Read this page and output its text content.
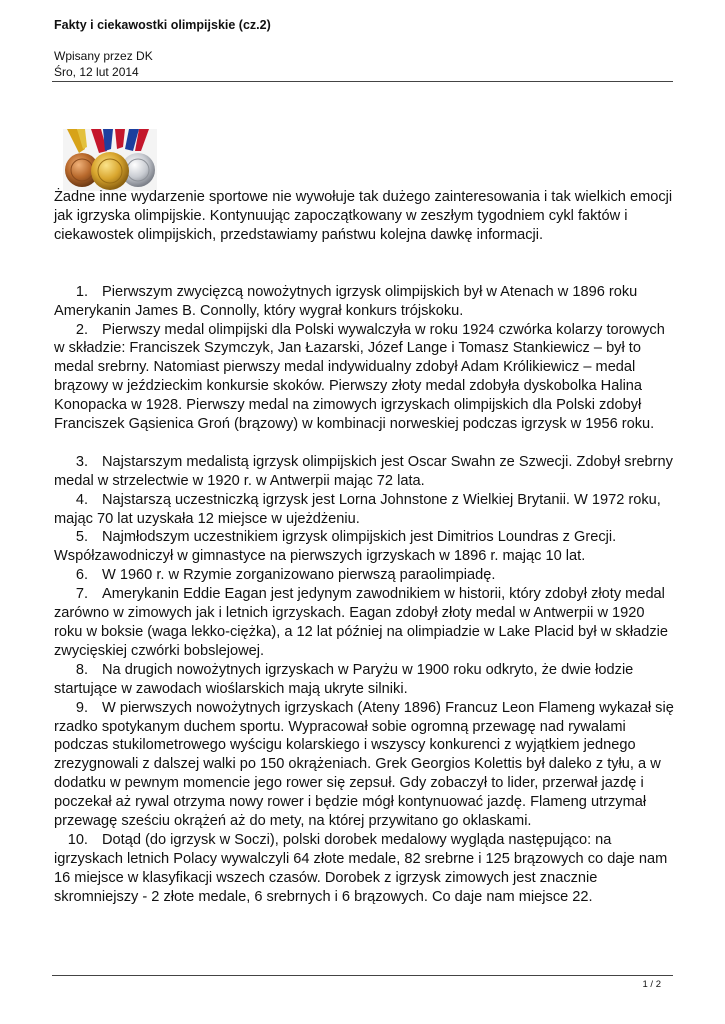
Fakty i ciekawostki olimpijskie (cz.2)
Wpisany przez DK
Śro, 12 lut 2014

Żadne inne wydarzenie sportowe nie wywołuje tak dużego zainteresowania i tak wielkich emocji jak igrzyska olimpijskie. Kontynuując zapoczątkowany w zeszłym tygodniem cykl faktów i ciekawostek olimpijskich, przedstawiamy państwu kolejna dawkę informacji.

1. Pierwszym zwycięzcą nowożytnych igrzysk olimpijskich był w Atenach w 1896 roku Amerykanin James B. Connolly, który wygrał konkurs trójskoku.
2. Pierwszy medal olimpijski dla Polski wywalczyła w roku 1924 czwórka kolarzy torowych w składzie: Franciszek Szymczyk, Jan Łazarski, Józef Lange i Tomasz Stankiewicz – był to medal srebrny. Natomiast pierwszy medal indywidualny zdobył Adam Królikiewicz – medal brązowy w jeździeckim konkursie skoków. Pierwszy złoty medal zdobyła dyskobolka Halina Konopacka w 1928. Pierwszy medal na zimowych igrzyskach olimpijskich dla Polski zdobył Franciszek Gąsienica Groń (brązowy) w kombinacji norweskiej podczas igrzysk w 1956 roku.
3. Najstarszym medalistą igrzysk olimpijskich jest Oscar Swahn ze Szwecji. Zdobył srebrny medal w strzelectwie w 1920 r. w Antwerpii mając 72 lata.
4. Najstarszą uczestniczką igrzysk jest Lorna Johnstone z Wielkiej Brytanii. W 1972 roku, mając 70 lat uzyskała 12 miejsce w ujeżdżeniu.
5. Najmłodszym uczestnikiem igrzysk olimpijskich jest Dimitrios Loundras z Grecji. Współzawodniczył w gimnastyce na pierwszych igrzyskach w 1896 r. mając 10 lat.
6. W 1960 r. w Rzymie zorganizowano pierwszą paraolimpiadę.
7. Amerykanin Eddie Eagan jest jedynym zawodnikiem w historii, który zdobył złoty medal zarówno w zimowych jak i letnich igrzyskach. Eagan zdobył złoty medal w Antwerpii w 1920 roku w boksie (waga lekko-ciężka), a 12 lat później na olimpiadzie w Lake Placid był w składzie zwycięskiej czwórki bobslejowej.
8. Na drugich nowożytnych igrzyskach w Paryżu w 1900 roku odkryto, że dwie łodzie startujące w zawodach wioślarskich mają ukryte silniki.
9. W pierwszych nowożytnych igrzyskach (Ateny 1896) Francuz Leon Flameng wykazał się rzadko spotykanym duchem sportu. Wypracował sobie ogromną przewagę nad rywalami podczas stukilometrowego wyścigu kolarskiego i wszyscy konkurenci z wyjątkiem jednego zrezygnowali z dalszej walki po 150 okrążeniach. Grek Georgios Kolettis był daleko z tyłu, a w dodatku w pewnym momencie jego rower się zepsuł. Gdy zobaczył to lider, przerwał jazdę i poczekał aż rywal otrzyma nowy rower i będzie mógł kontynuować jazdę. Flameng utrzymał przewagę sześciu okrążeń aż do mety, na której przywitano go oklaskami.
10. Dotąd (do igrzysk w Soczi), polski dorobek medalowy wygląda następująco: na igrzyskach letnich Polacy wywalczyli 64 złote medale, 82 srebrne i 125 brązowych co daje nam 16 miejsce w klasyfikacji wszech czasów. Dorobek z igrzysk zimowych jest znacznie skromniejszy - 2 złote medale, 6 srebrnych i 6 brązowych. Co daje nam miejsce 22.
1 / 2
